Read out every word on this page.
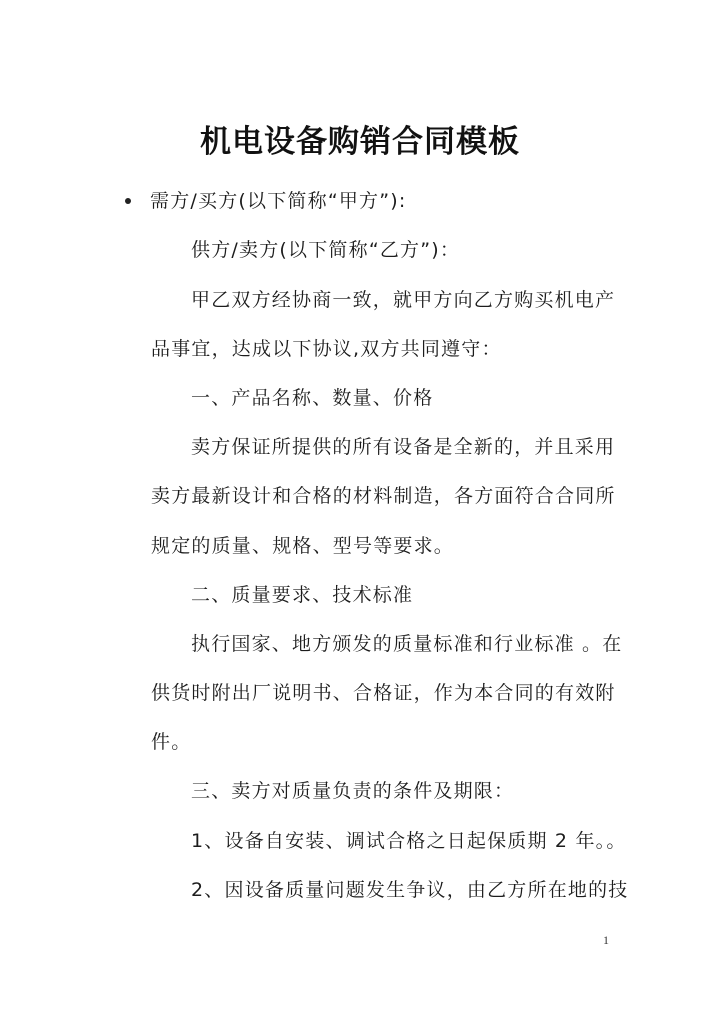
机电设备购销合同模板
需方/买方(以下简称“甲方”):
供方/卖方(以下简称“乙方”)：
甲乙双方经协商一致，就甲方向乙方购买机电产
品事宜，达成以下协议,双方共同遵守：
一、产品名称、数量、价格
卖方保证所提供的所有设备是全新的，并且采用
卖方最新设计和合格的材料制造，各方面符合合同所
规定的质量、规格、型号等要求。
二、质量要求、技术标准
执行国家、地方颁发的质量标准和行业标准 。在
供货时附出厂说明书、合格证，作为本合同的有效附
件。
三、卖方对质量负责的条件及期限：
1、设备自安装、调试合格之日起保质期 2 年。。
2、因设备质量问题发生争议，由乙方所在地的技
1
